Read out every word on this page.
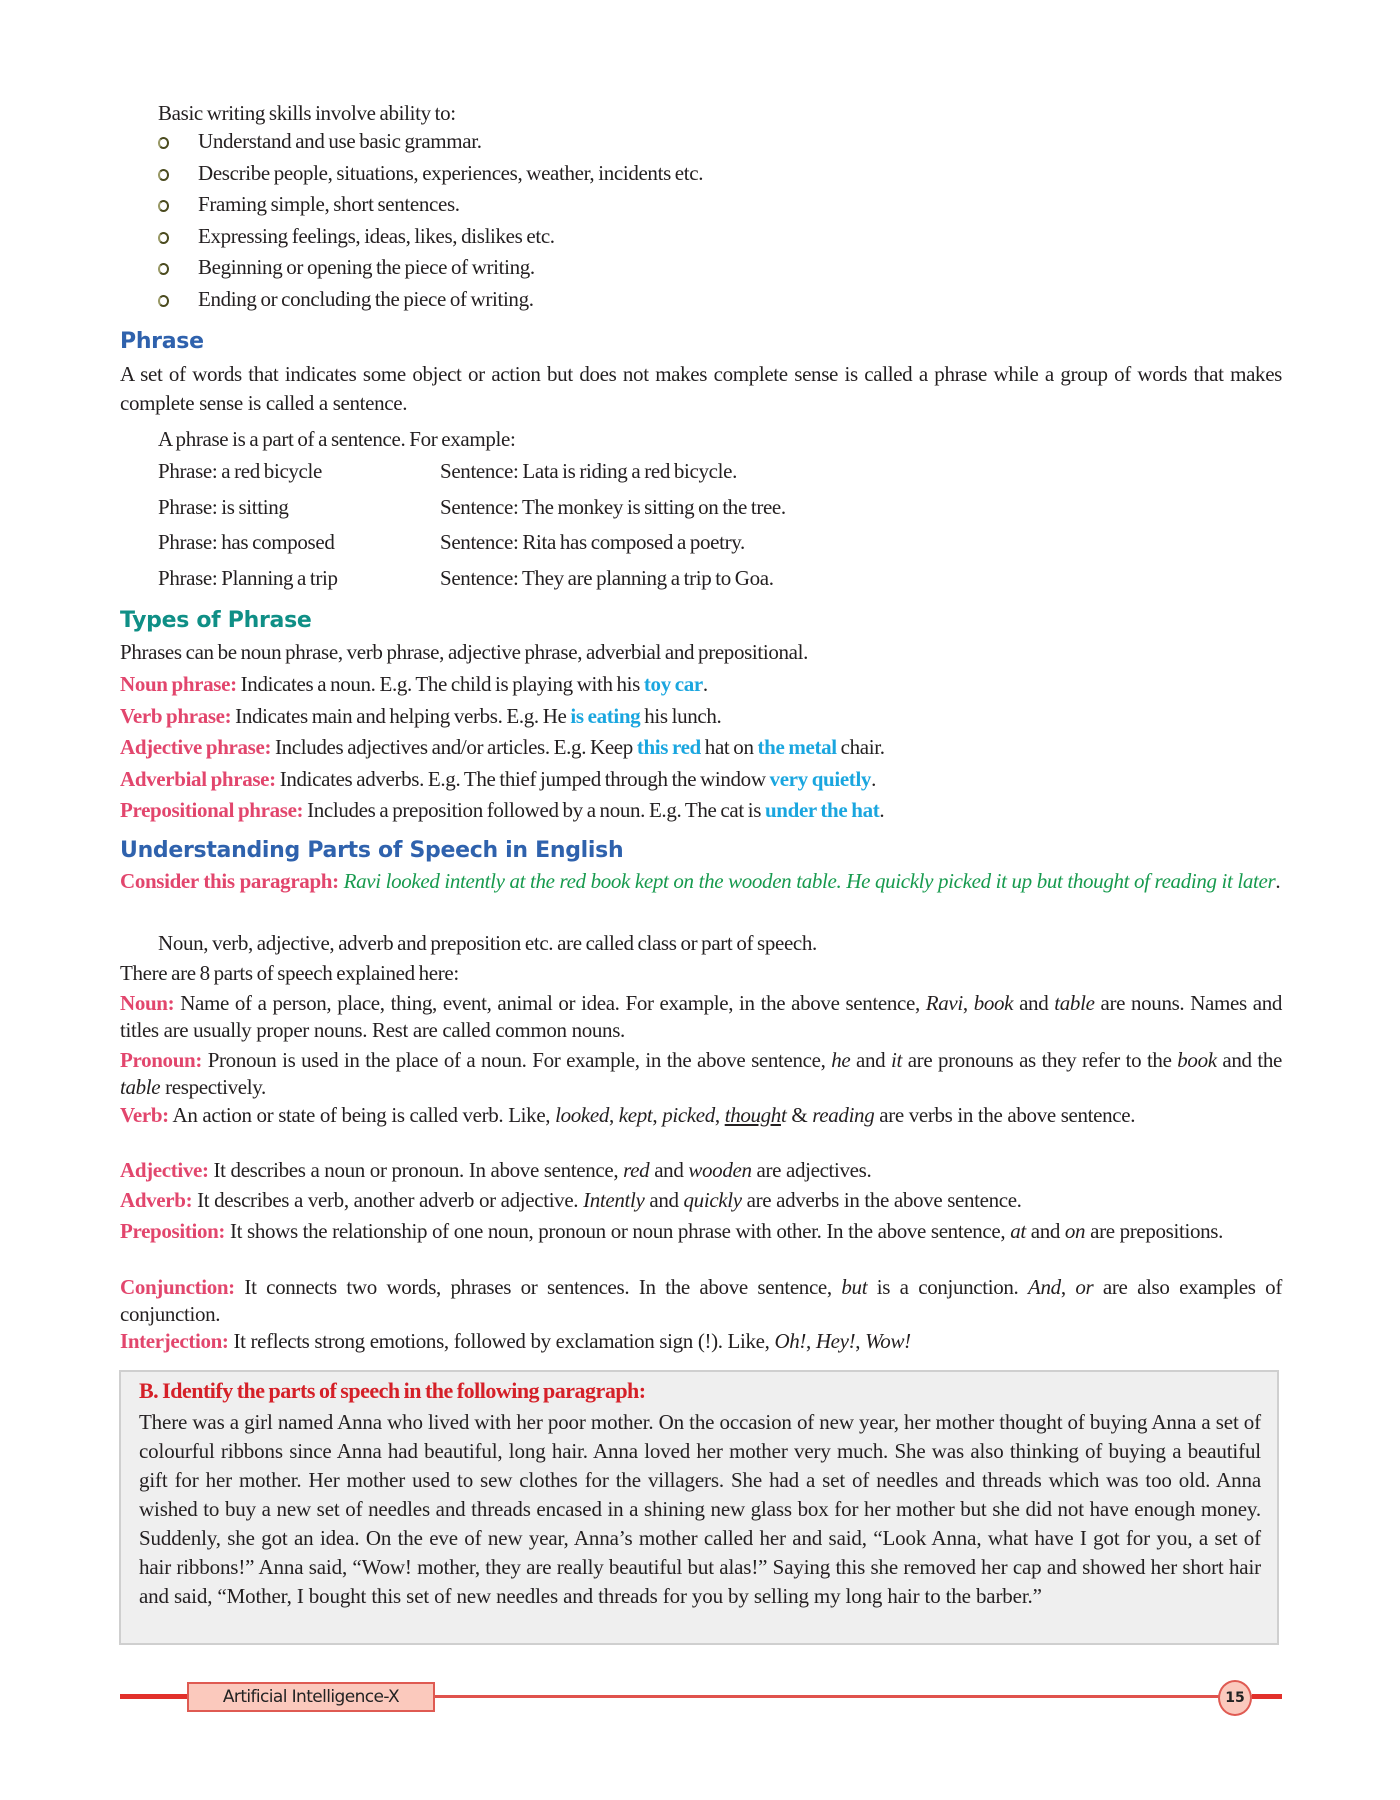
Basic writing skills involve ability to:
Understand and use basic grammar.
Describe people, situations, experiences, weather, incidents etc.
Framing simple, short sentences.
Expressing feelings, ideas, likes, dislikes etc.
Beginning or opening the piece of writing.
Ending or concluding the piece of writing.
Phrase
A set of words that indicates some object or action but does not makes complete sense is called a phrase while a group of words that makes complete sense is called a sentence.
A phrase is a part of a sentence. For example:
Phrase: a red bicycle	Sentence: Lata is riding a red bicycle.
Phrase: is sitting	Sentence: The monkey is sitting on the tree.
Phrase: has composed	Sentence: Rita has composed a poetry.
Phrase: Planning a trip	Sentence: They are planning a trip to Goa.
Types of Phrase
Phrases can be noun phrase, verb phrase, adjective phrase, adverbial and prepositional.
Noun phrase: Indicates a noun. E.g. The child is playing with his toy car.
Verb phrase: Indicates main and helping verbs. E.g. He is eating his lunch.
Adjective phrase: Includes adjectives and/or articles. E.g. Keep this red hat on the metal chair.
Adverbial phrase: Indicates adverbs. E.g. The thief jumped through the window very quietly.
Prepositional phrase: Includes a preposition followed by a noun. E.g. The cat is under the hat.
Understanding Parts of Speech in English
Consider this paragraph: Ravi looked intently at the red book kept on the wooden table. He quickly picked it up but thought of reading it later.
Noun, verb, adjective, adverb and preposition etc. are called class or part of speech.
There are 8 parts of speech explained here:
Noun: Name of a person, place, thing, event, animal or idea. For example, in the above sentence, Ravi, book and table are nouns. Names and titles are usually proper nouns. Rest are called common nouns.
Pronoun: Pronoun is used in the place of a noun. For example, in the above sentence, he and it are pronouns as they refer to the book and the table respectively.
Verb: An action or state of being is called verb. Like, looked, kept, picked, thought & reading are verbs in the above sentence.
Adjective: It describes a noun or pronoun. In above sentence, red and wooden are adjectives.
Adverb: It describes a verb, another adverb or adjective. Intently and quickly are adverbs in the above sentence.
Preposition: It shows the relationship of one noun, pronoun or noun phrase with other. In the above sentence, at and on are prepositions.
Conjunction: It connects two words, phrases or sentences. In the above sentence, but is a conjunction. And, or are also examples of conjunction.
Interjection: It reflects strong emotions, followed by exclamation sign (!). Like, Oh!, Hey!, Wow!
B. Identify the parts of speech in the following paragraph:
There was a girl named Anna who lived with her poor mother. On the occasion of new year, her mother thought of buying Anna a set of colourful ribbons since Anna had beautiful, long hair. Anna loved her mother very much. She was also thinking of buying a beautiful gift for her mother. Her mother used to sew clothes for the villagers. She had a set of needles and threads which was too old. Anna wished to buy a new set of needles and threads encased in a shining new glass box for her mother but she did not have enough money. Suddenly, she got an idea. On the eve of new year, Anna’s mother called her and said, “Look Anna, what have I got for you, a set of hair ribbons!” Anna said, “Wow! mother, they are really beautiful but alas!” Saying this she removed her cap and showed her short hair and said, “Mother, I bought this set of new needles and threads for you by selling my long hair to the barber.”
Artificial Intelligence-X	15
